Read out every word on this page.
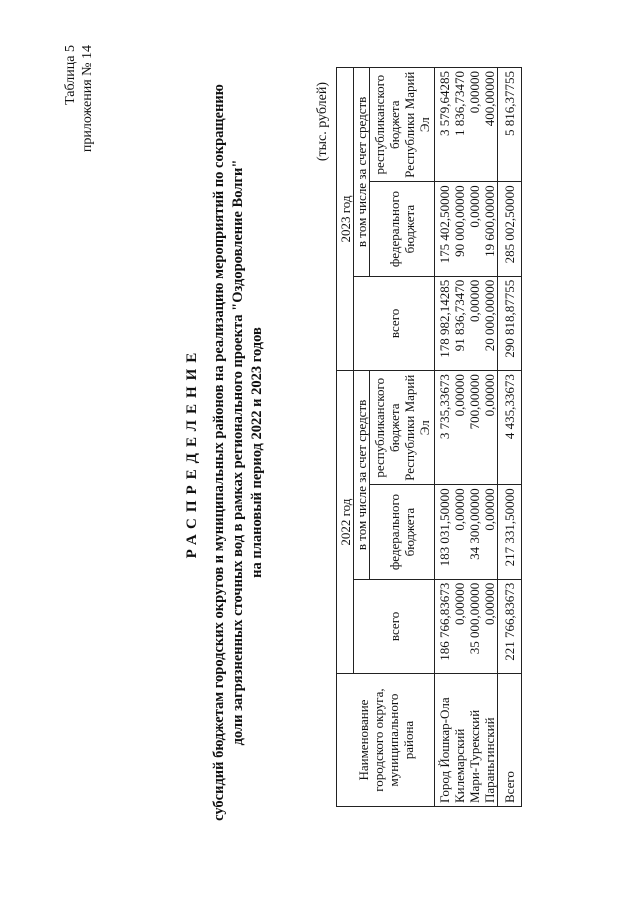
Таблица 5 приложения № 14
РАСПРЕДЕЛЕНИЕ субсидий бюджетам городских округов и муниципальных районов на реализацию мероприятий по сокращению доли загрязненных сточных вод в рамках регионального проекта "Оздоровление Волги" на плановый период 2022 и 2023 годов
(тыс. рублей)
Наименование городского округа, муниципального района	2022 год			2023 год		
	всего	в том числе за счет средств		всего	в том числе за счет средств	
		федерального бюджета	республиканского бюджета Республики Марий Эл		федерального бюджета	республиканского бюджета Республики Марий Эл
Город Йошкар-Ола	186 766,83673	183 031,50000	3 735,33673	178 982,14285	175 402,50000	3 579,64285
Килемарский	0,00000	0,00000	0,00000	91 836,73470	90 000,00000	1 836,73470
Мари-Турекский	35 000,00000	34 300,00000	700,00000	0,00000	0,00000	0,00000
Параньгинский	0,00000	0,00000	0,00000	20 000,00000	19 600,00000	400,00000
Всего	221 766,83673	217 331,50000	4 435,33673	290 818,87755	285 002,50000	5 816,37755
